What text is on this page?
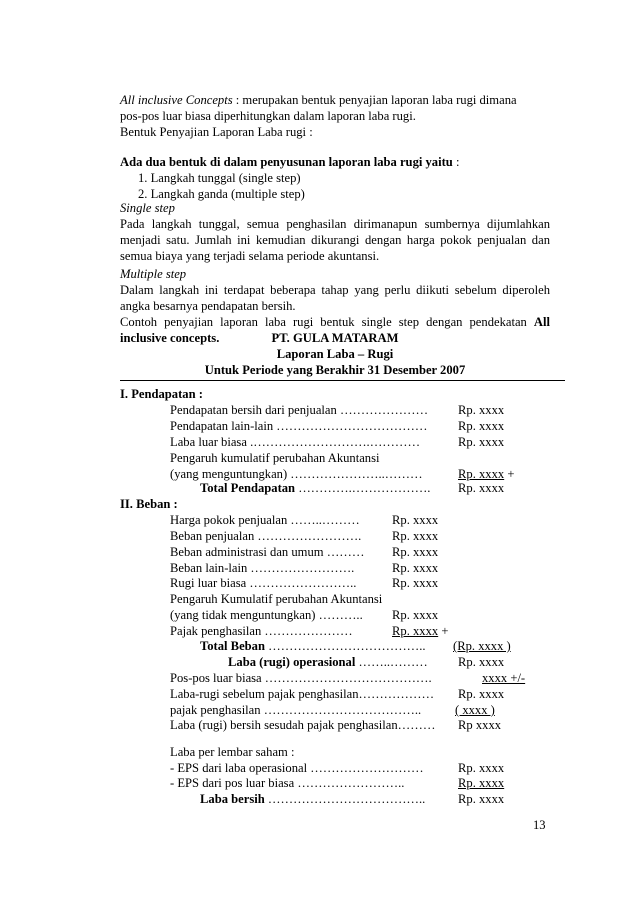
All inclusive Concepts : merupakan bentuk penyajian laporan laba rugi dimana
pos-pos luar biasa diperhitungkan dalam laporan laba rugi.
Bentuk Penyajian Laporan Laba rugi :
Ada dua bentuk di dalam penyusunan laporan laba rugi yaitu :
1. Langkah tunggal (single step)
2. Langkah ganda (multiple step)
Single step
Pada langkah tunggal, semua penghasilan dirimanapun sumbernya dijumlahkan menjadi satu. Jumlah ini kemudian dikurangi dengan harga pokok penjualan dan semua biaya yang terjadi selama periode akuntansi.
Multiple step
Dalam langkah ini terdapat beberapa tahap yang perlu diikuti sebelum diperoleh angka besarnya pendapatan bersih.
Contoh penyajian laporan laba rugi bentuk single step dengan pendekatan All inclusive concepts.	PT. GULA MATARAM
Laporan Laba – Rugi
Untuk Periode yang Berakhir 31 Desember 2007
I. Pendapatan :
Pendapatan bersih dari penjualan ………………… Rp. xxxx
Pendapatan lain-lain ……………………………… Rp. xxxx
Laba luar biasa .……………………….…………	Rp. xxxx
Pengaruh kumulatif perubahan Akuntansi
(yang menguntungkan) …………………..………	Rp. xxxx +
Total Pendapatan ………….………………. Rp. xxxx
II. Beban :
Harga pokok penjualan ……..………	Rp. xxxx
Beban penjualan ……………………. Rp. xxxx
Beban administrasi dan umum ……… Rp. xxxx
Beban lain-lain …………………….	Rp. xxxx
Rugi luar biasa ……………………..	Rp. xxxx
Pengaruh Kumulatif perubahan Akuntansi
(yang tidak menguntungkan) ……….. Rp. xxxx
Pajak penghasilan …………………	Rp. xxxx +
Total Beban ……………………………….. (Rp. xxxx )
Laba (rugi) operasional ……..……… Rp. xxxx
Pos-pos luar biasa ………………………………….	xxxx +/-
Laba-rugi sebelum pajak penghasilan……………… Rp. xxxx
pajak penghasilan ………………………………..	( xxxx )
Laba (rugi) bersih sesudah pajak penghasilan……… Rp xxxx
Laba per lembar saham :
- EPS dari laba operasional ………………………	Rp. xxxx
- EPS dari pos luar biasa ……………………..	Rp. xxxx
Laba bersih ………………………………..	Rp. xxxx
13
